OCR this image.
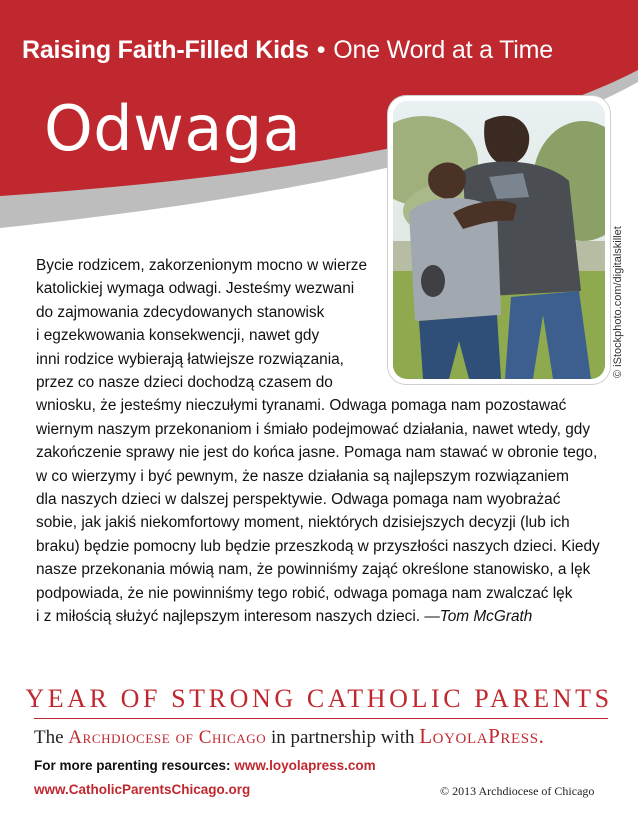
Raising Faith-Filled Kids • One Word at a Time
Odwaga
© iStockphoto.com/digitalskillet
Bycie rodzicem, zakorzenionym mocno w wierze
katolickiej wymaga odwagi. Jesteśmy wezwani
do zajmowania zdecydowanych stanowisk
i egzekwowania konsekwencji, nawet gdy
inni rodzice wybierają łatwiejsze rozwiązania,
przez co nasze dzieci dochodzą czasem do
wniosku, że jesteśmy nieczułymi tyranami. Odwaga pomaga nam pozostawać
wiernym naszym przekonaniom i śmiało podejmować działania, nawet wtedy, gdy
zakończenie sprawy nie jest do końca jasne. Pomaga nam stawać w obronie tego,
w co wierzymy i być pewnym, że nasze działania są najlepszym rozwiązaniem
dla naszych dzieci w dalszej perspektywie. Odwaga pomaga nam wyobrażać
sobie, jak jakiś niekomfortowy moment, niektórych dzisiejszych decyzji (lub ich
braku) będzie pomocny lub będzie przeszkodą w przyszłości naszych dzieci. Kiedy
nasze przekonania mówią nam, że powinniśmy zająć określone stanowisko, a lęk
podpowiada, że nie powinniśmy tego robić, odwaga pomaga nam zwalczać lęk
i z miłością służyć najlepszym interesom naszych dzieci. —Tom McGrath
YEAR OF STRONG CATHOLIC PARENTS
The Archdiocese of Chicago in partnership with LoyolaPress.
For more parenting resources: www.loyolapress.com
www.CatholicParentsChicago.org	© 2013 Archdiocese of Chicago
